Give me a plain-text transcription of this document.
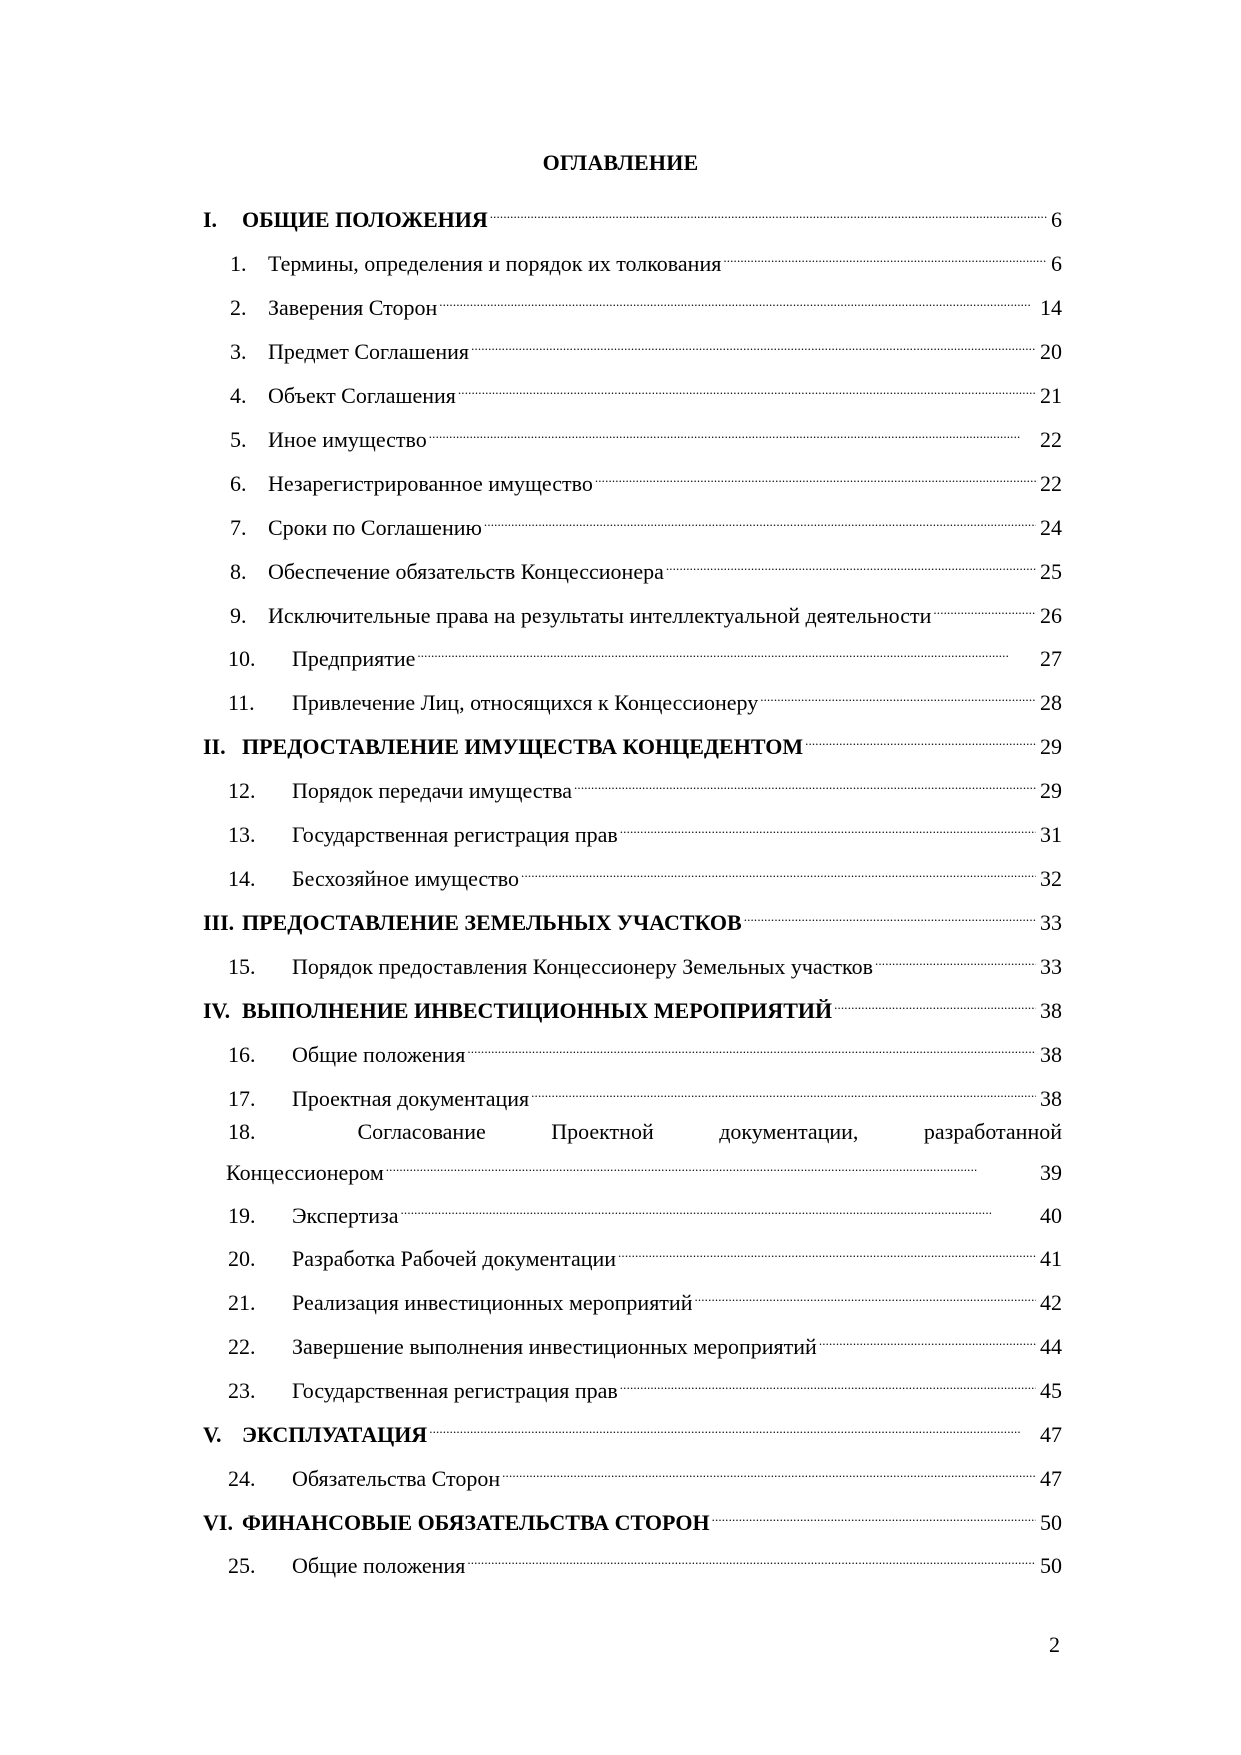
ОГЛАВЛЕНИЕ
I.	ОБЩИЕ ПОЛОЖЕНИЯ . . .	6
1. Термины, определения и порядок их толкования . . .	6
2. Заверения Сторон . . .	14
3. Предмет Соглашения . . .	20
4. Объект Соглашения . . .	21
5. Иное имущество . . .	22
6. Незарегистрированное имущество . . .	22
7. Сроки по Соглашению . . .	24
8. Обеспечение обязательств Концессионера . . .	25
9. Исключительные права на результаты интеллектуальной деятельности . . .	26
10.	Предприятие . . .	27
11.	Привлечение Лиц, относящихся к Концессионеру . . .	28
II. ПРЕДОСТАВЛЕНИЕ ИМУЩЕСТВА КОНЦЕДЕНТОМ . . .	29
12.	Порядок передачи имущества . . .	29
13.	Государственная регистрация прав . . .	31
14.	Бесхозяйное имущество . . .	32
III. ПРЕДОСТАВЛЕНИЕ ЗЕМЕЛЬНЫХ УЧАСТКОВ . . .	33
15.	Порядок предоставления Концессионеру Земельных участков . . .	33
IV. ВЫПОЛНЕНИЕ ИНВЕСТИЦИОННЫХ МЕРОПРИЯТИЙ . . .	38
16.	Общие положения . . .	38
17.	Проектная документация . . .	38
18.	Согласование	Проектной	документации,	разработанной
Концессионером . . .	39
19.	Экспертиза . . .	40
20.	Разработка Рабочей документации . . .	41
21.	Реализация инвестиционных мероприятий . . .	42
22.	Завершение выполнения инвестиционных мероприятий . . .	44
23.	Государственная регистрация прав . . .	45
V. ЭКСПЛУАТАЦИЯ . . .	47
24.	Обязательства Сторон . . .	47
VI. ФИНАНСОВЫЕ ОБЯЗАТЕЛЬСТВА СТОРОН . . .	50
25.	Общие положения . . .	50
2
